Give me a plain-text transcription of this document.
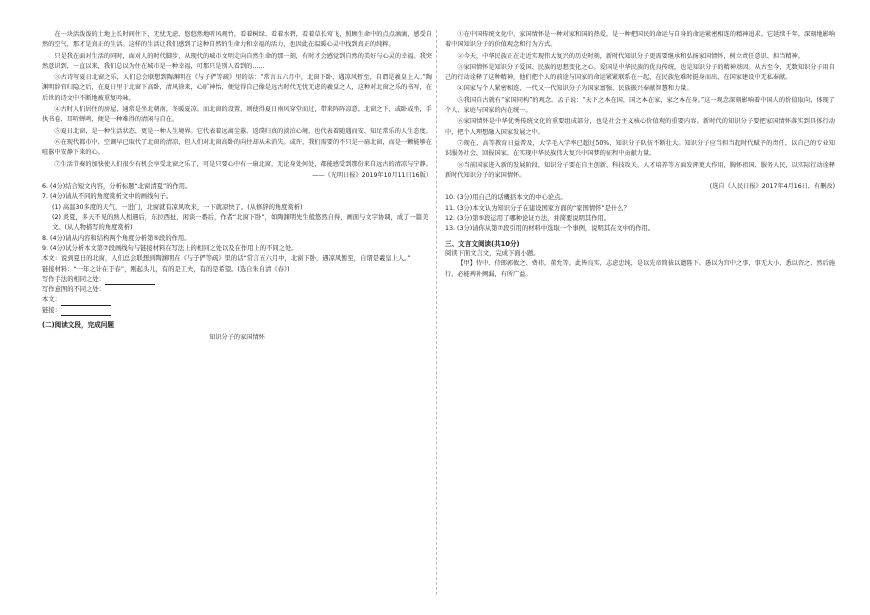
在一块活泼泼的土地上长时间住下，无忧无虑，悠悠然地听风观竹，看着树绿、看着水碧，看着草长莺飞，照顾生命中的点点滴滴，感受自然的空气，那才是真正的生活。这样的生活让我们感到了这种自然的生命力和幸福的活力，也因此在温暖心灵中找到真正的纯粹。

只是我在面对生活的同时，面对人的时代脚步，从现代的城市文明走向自然生命的那一刻，有时才会感觉到自然的美好与心灵的幸福。我突然意识到，一直以来，我们总以为住在城市是一种幸福，可那只是别人看到的……

③古诗写夏日北窗之乐，人们总会联想到陶渊明在《与子俨等疏》里的话：“常言五六月中，北窗下卧，遇凉风暂至，自谓是羲皇上人。”陶渊明辞官归隐之后，在夏日里于北窗下高卧，清风徐来，心旷神怡，便觉得自己像是远古时代无忧无虑的羲皇之人，这种对北窗之乐的书写，在后世的诗文中不断地被重复吟咏。

④古时人们居住的房屋，通常是坐北朝南，冬暖夏凉。而北窗的设置，则使得夏日南风穿堂而过，带来阵阵凉意。北窗之下，或卧或坐，手执书卷，耳听蝉鸣，便是一种难得的清闲与自在。

⑤夏日北窗，是一种生活状态，更是一种人生境界。它代表着远离尘嚣、返璞归真的淡泊心境，也代表着随遇而安、知足常乐的人生态度。

⑥在现代都市中，空调早已取代了北窗的清凉，但人们对北窗高卧的向往却从未消失。或许，我们需要的不只是一扇北窗，而是一颗能够在喧嚣中安静下来的心。

⑦生活节奏的加快使人们很少有机会享受北窗之乐了，可是只要心中有一扇北窗，无论身处何处，都能感受到那份来自远古的清凉与宁静。

——《光明日报》2019年10月11日16版）

6. (4分)结合短文内容，分析标题“北窗清夏”的作用。

7. (4分)请从不同的角度赏析文中的画线句子。

(1) 高温30多度的天气，一进门，北窗就有凉风吹来，一下就凉快了。(从修辞的角度赏析)

(2) 炎夏，多天不见的熟人相遇后，东拉西扯，闲谈一番后，作者“北窗下卧”，如陶渊明先生般悠然自得，画面与文字协调，成了一篇美文。(从人物描写的角度赏析)

8. (4分)请从内容和结构两个角度分析第⑤段的作用。

9. (4分)试分析本文第⑦段画线句与链接材料在写法上的相同之处以及在作用上的不同之处。

本文：说到夏日的北窗，人们总会联想到陶渊明在《与子俨等疏》里的话“常言五六月中，北窗下卧，遇凉风暂至，自谓是羲皇上人。”

链接材料：“一年之计在于春”，刚起头儿，有的是工夫，有的是希望。(选自朱自清《春》)

写作手法的相同之处：

写作意图的不同之处：

本文：

链接：

(二)阅读文段，完成问题

知识分子的家国情怀

①在中国传统文化中，家国情怀是一种对家和国的热爱，是一种把国民的命运与自身的命运紧密相连的精神追求。它延续千年，深刻地影响着中国知识分子的价值观念和行为方式。

②今天，中华民族正在走近实现伟大复兴的历史时刻，新时代知识分子更需要继承和弘扬家国情怀，树立责任意识、担当精神。

③家国情怀是知识分子爱国、民族的思想变化之心。爱国是中华民族的优良传统，也是知识分子的精神基因。从古至今，无数知识分子用自己的行动诠释了这种精神，他们把个人的前途与国家的命运紧紧联系在一起，在民族危难时挺身而出，在国家建设中无私奉献。

④国家与个人紧密相连，一代又一代知识分子为国家富强、民族振兴奉献智慧和力量。

⑤我国自古就有“家国同构”的观念。孟子说：“天下之本在国，国之本在家，家之本在身。”这一观念深刻影响着中国人的价值取向，体现了个人、家庭与国家的内在统一。

⑥家国情怀是中华优秀传统文化的重要组成部分，也是社会主义核心价值观的重要内容。新时代的知识分子要把家国情怀落实到具体行动中，把个人理想融入国家发展之中。

⑦现在，高等教育日益普及，大学毛入学率已超过50%，知识分子队伍不断壮大。知识分子应当担当起时代赋予的责任，以自己的专业知识服务社会、回报国家，在实现中华民族伟大复兴中国梦的征程中贡献力量。

⑧当前国家进入新的发展阶段，知识分子要在自主创新、科技攻关、人才培养等方面发挥更大作用，胸怀祖国、服务人民，以实际行动诠释新时代知识分子的家国情怀。

(选自《人民日报》2017年4月16日，有删改)

10. (3分)用自己的话概括本文的中心论点。

11. (3分)本文认为知识分子在建设国家方面的“家国情怀”是什么？

12. (3分)第⑤段运用了哪种论证方法，并简要说明其作用。

13. (3分)请你从第⑦段引用的材料中选取一个事例，说明其在文中的作用。

三、文言文阅读(共10分)

阅读下面文言文，完成下面小题。

【甲】侍中、侍郎郭攸之、费祎，董允等，此皆良实，志虑忠纯，是以先帝简拔以遗陛下。愚以为宫中之事，事无大小，悉以咨之，然后施行，必能裨补阙漏，有所广益。
